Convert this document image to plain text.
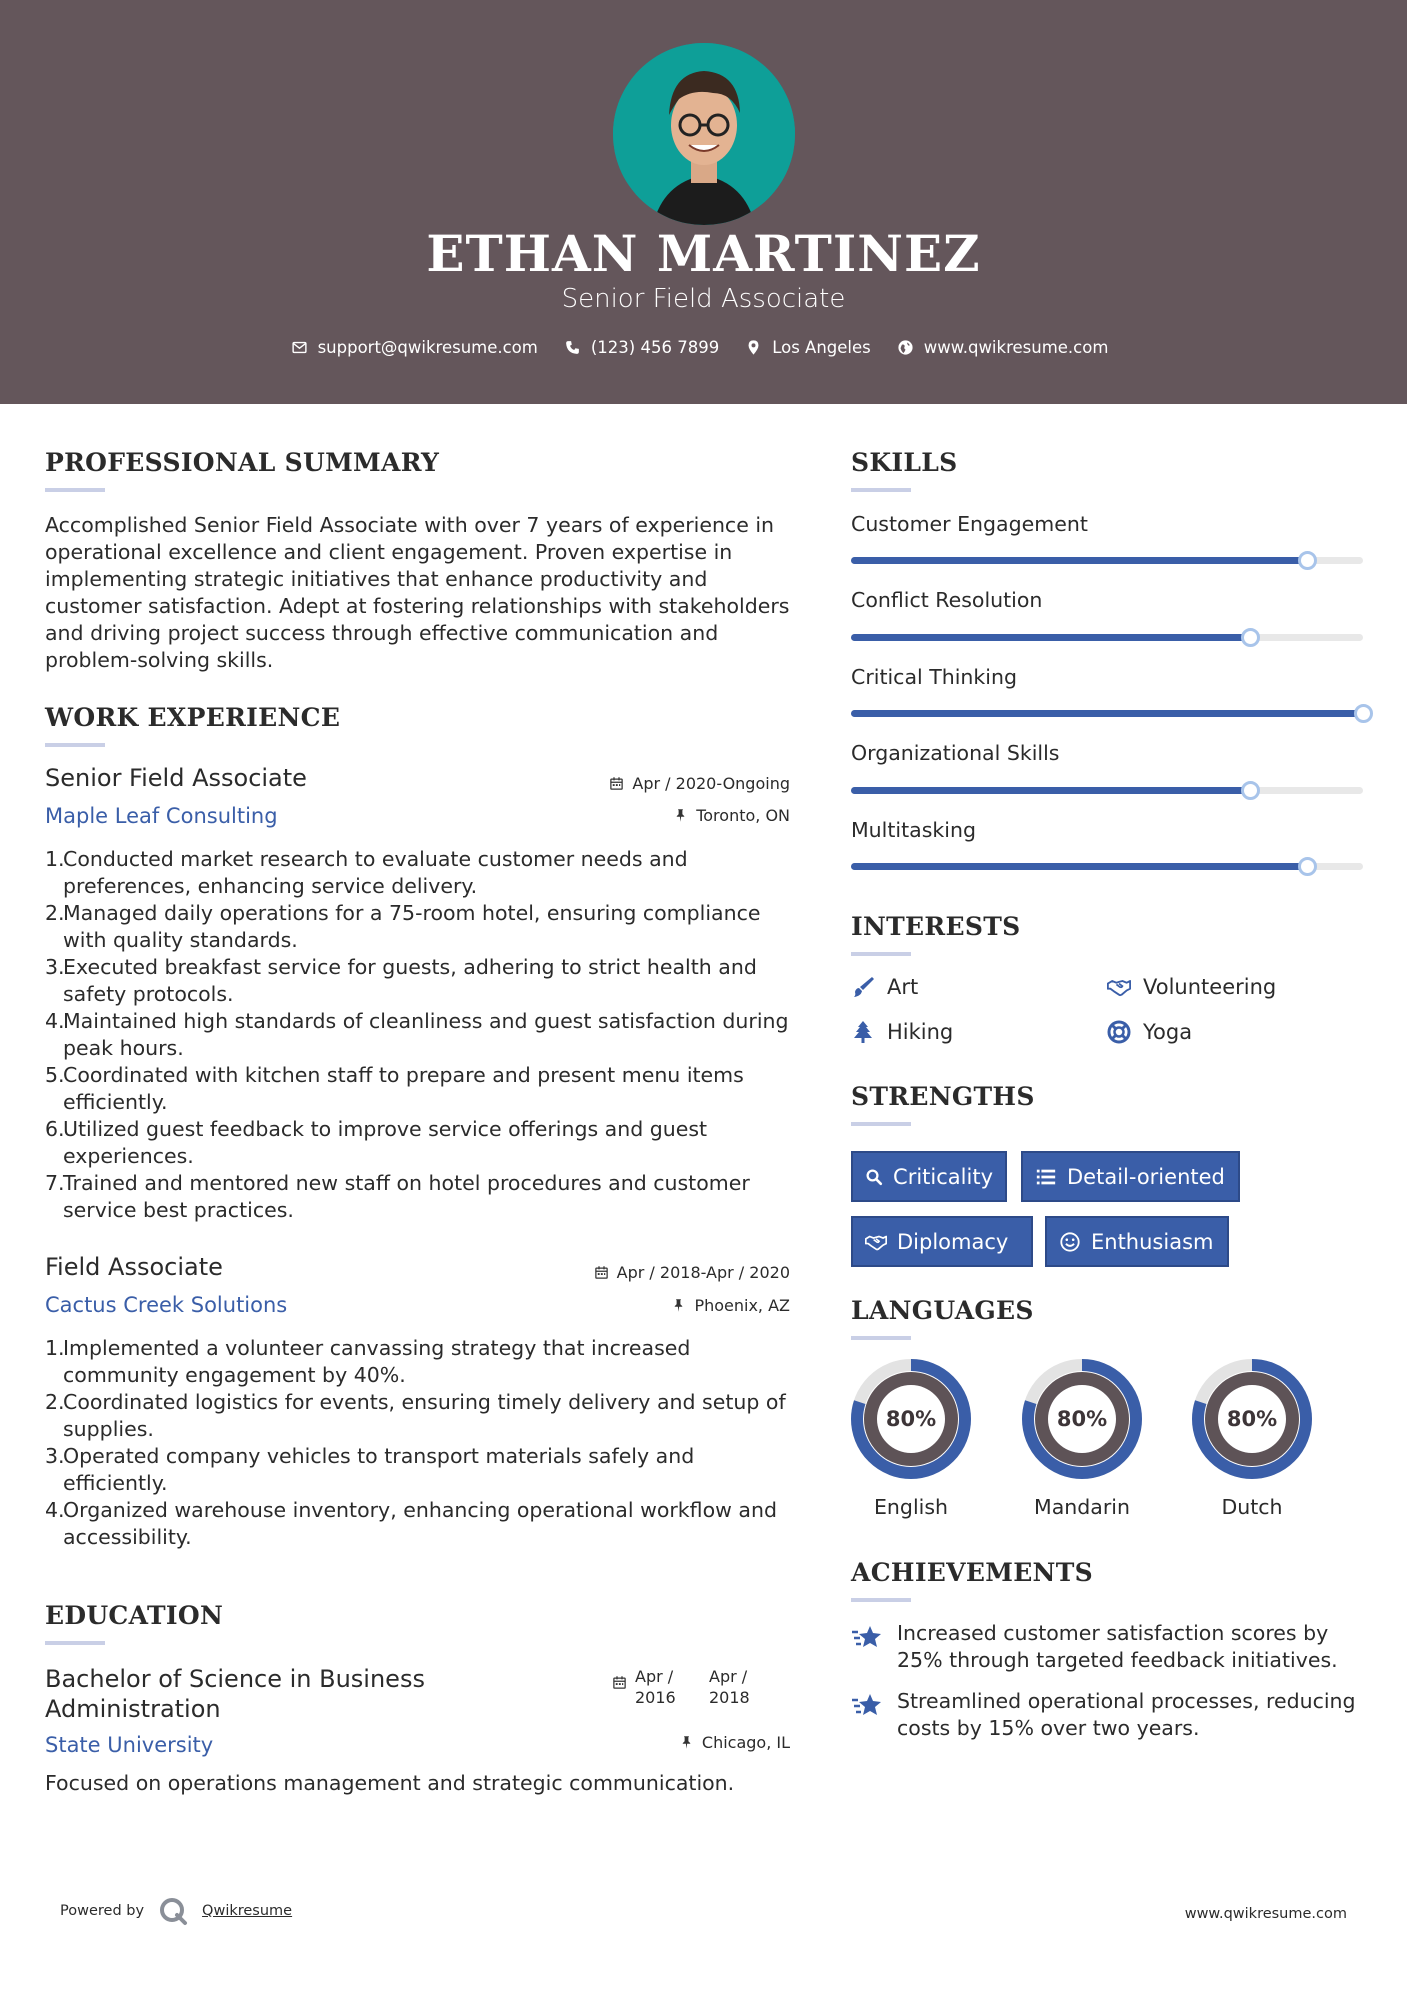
ETHAN MARTINEZ
Senior Field Associate
support@qwikresume.com	(123) 456 7899	Los Angeles	www.qwikresume.com
PROFESSIONAL SUMMARY
Accomplished Senior Field Associate with over 7 years of experience in operational excellence and client engagement. Proven expertise in implementing strategic initiatives that enhance productivity and customer satisfaction. Adept at fostering relationships with stakeholders and driving project success through effective communication and problem-solving skills.
WORK EXPERIENCE
Senior Field Associate
Maple Leaf Consulting
Apr / 2020-Ongoing
Toronto, ON
1.
Conducted market research to evaluate customer needs and preferences, enhancing service delivery.
2.
Managed daily operations for a 75-room hotel, ensuring compliance with quality standards.
3.
Executed breakfast service for guests, adhering to strict health and safety protocols.
4.
Maintained high standards of cleanliness and guest satisfaction during peak hours.
5.
Coordinated with kitchen staff to prepare and present menu items efficiently.
6.
Utilized guest feedback to improve service offerings and guest experiences.
7.
Trained and mentored new staff on hotel procedures and customer service best practices.
Field Associate
Cactus Creek Solutions
Apr / 2018-Apr / 2020
Phoenix, AZ
1.
Implemented a volunteer canvassing strategy that increased community engagement by 40%.
2.
Coordinated logistics for events, ensuring timely delivery and setup of supplies.
3.
Operated company vehicles to transport materials safely and efficiently.
4.
Organized warehouse inventory, enhancing operational workflow and accessibility.
EDUCATION
Bachelor of Science in Business Administration
State University
Apr / 2016
Apr / 2018
Chicago, IL
Focused on operations management and strategic communication.
SKILLS
Customer Engagement
Conflict Resolution
Critical Thinking
Organizational Skills
Multitasking
INTERESTS
Art	Volunteering
Hiking	Yoga
STRENGTHS
Criticality	Detail-oriented
Diplomacy	Enthusiasm
LANGUAGES
80%
English
80%
Mandarin
80%
Dutch
ACHIEVEMENTS
Increased customer satisfaction scores by 25% through targeted feedback initiatives.
Streamlined operational processes, reducing costs by 15% over two years.
Powered by	Qwikresume	www.qwikresume.com
